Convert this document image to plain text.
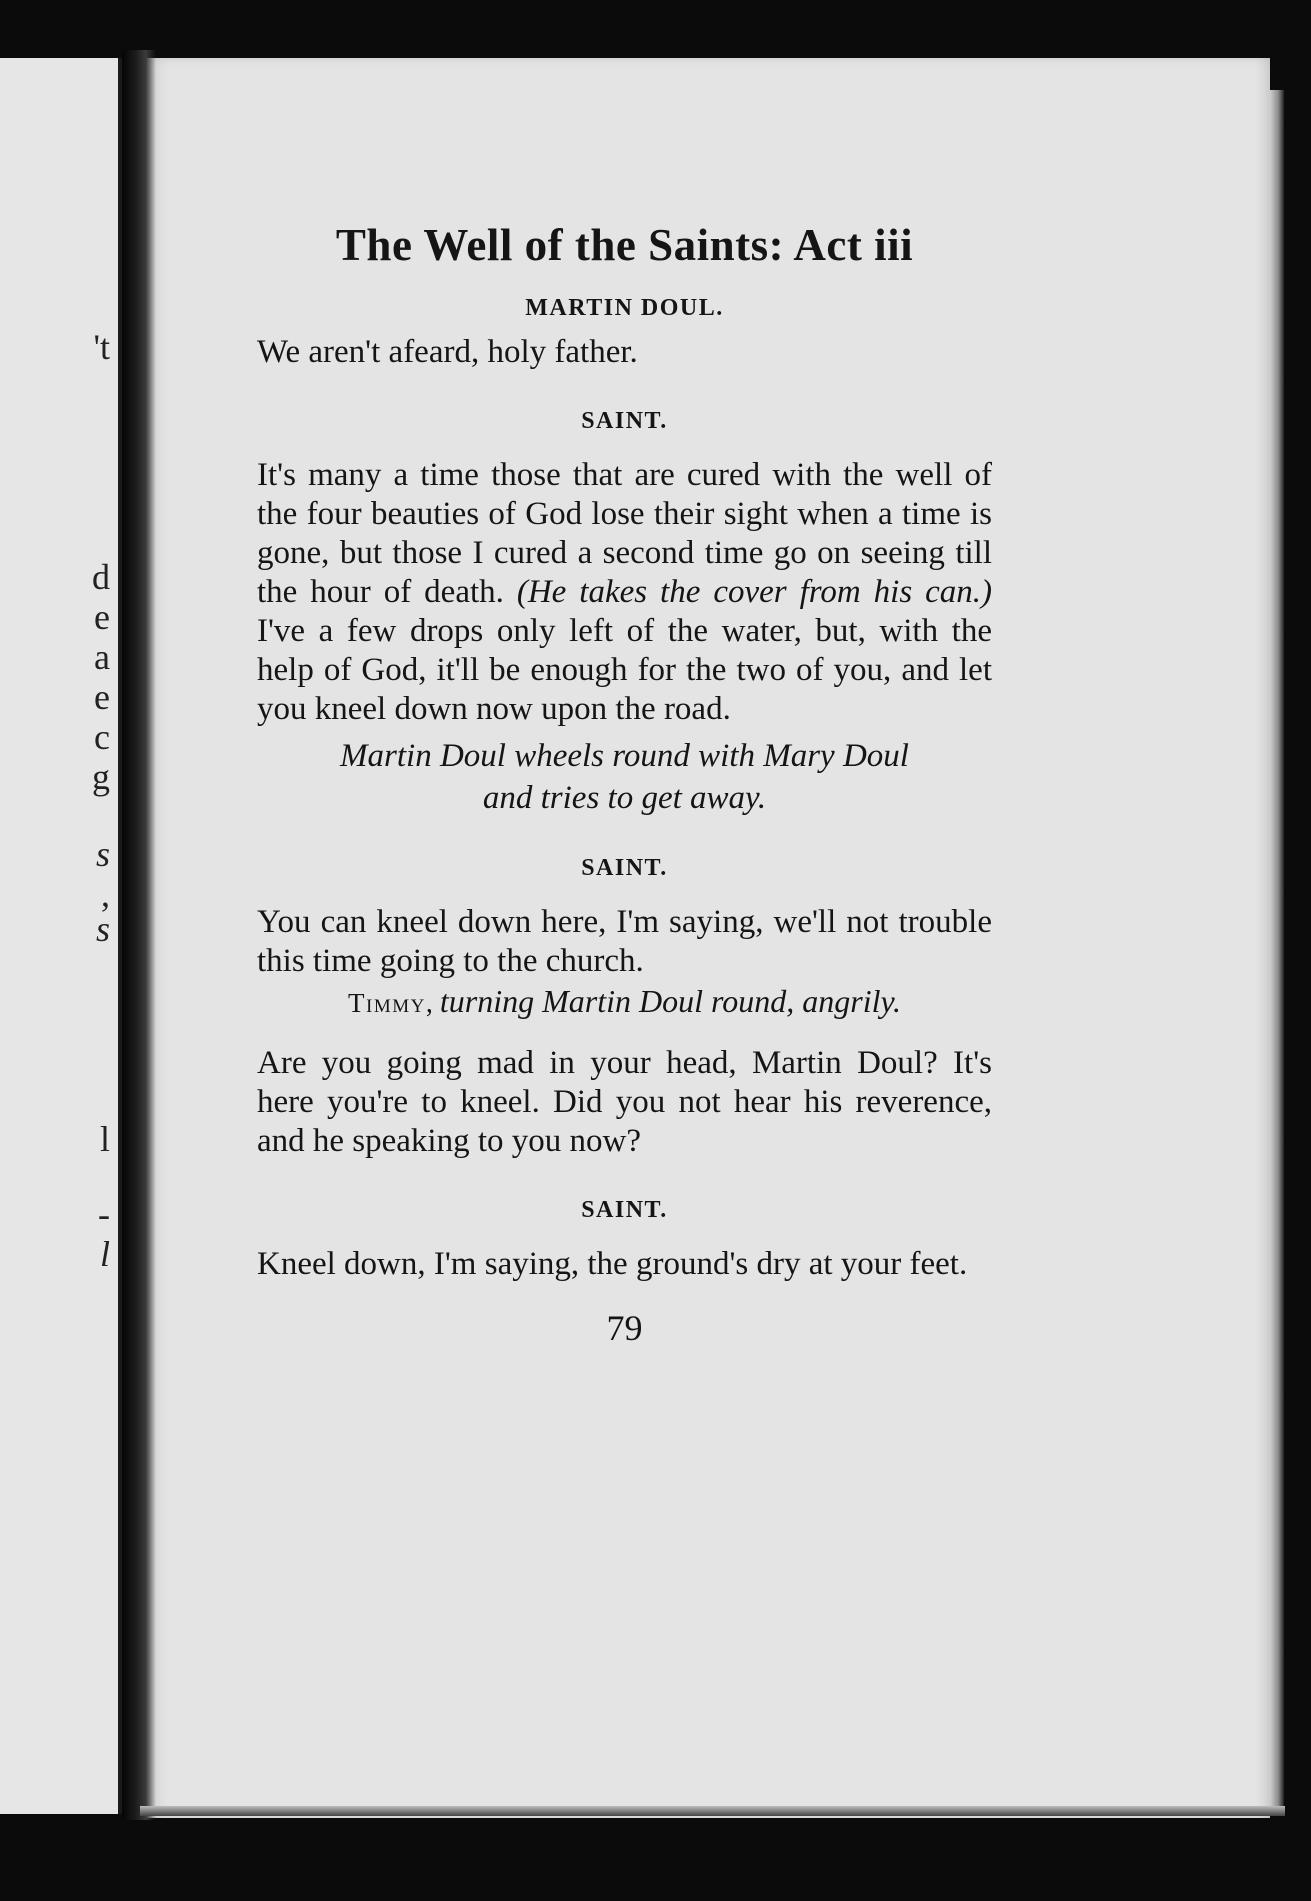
't
d
e
a
e
c
g
s
,
s
l
-
l
The Well of the Saints: Act iii

MARTIN DOUL.

We aren't afeard, holy father.

SAINT.

It's many a time those that are cured with the well of the four beauties of God lose their sight when a time is gone, but those I cured a second time go on seeing till the hour of death. (He takes the cover from his can.) I've a few drops only left of the water, but, with the help of God, it'll be enough for the two of you, and let you kneel down now upon the road.

Martin Doul wheels round with Mary Doul
and tries to get away.

SAINT.

You can kneel down here, I'm saying, we'll not trouble this time going to the church.

Timmy, turning Martin Doul round, angrily.

Are you going mad in your head, Martin Doul? It's here you're to kneel. Did you not hear his reverence, and he speaking to you now?

SAINT.

Kneel down, I'm saying, the ground's dry at your feet.

79
